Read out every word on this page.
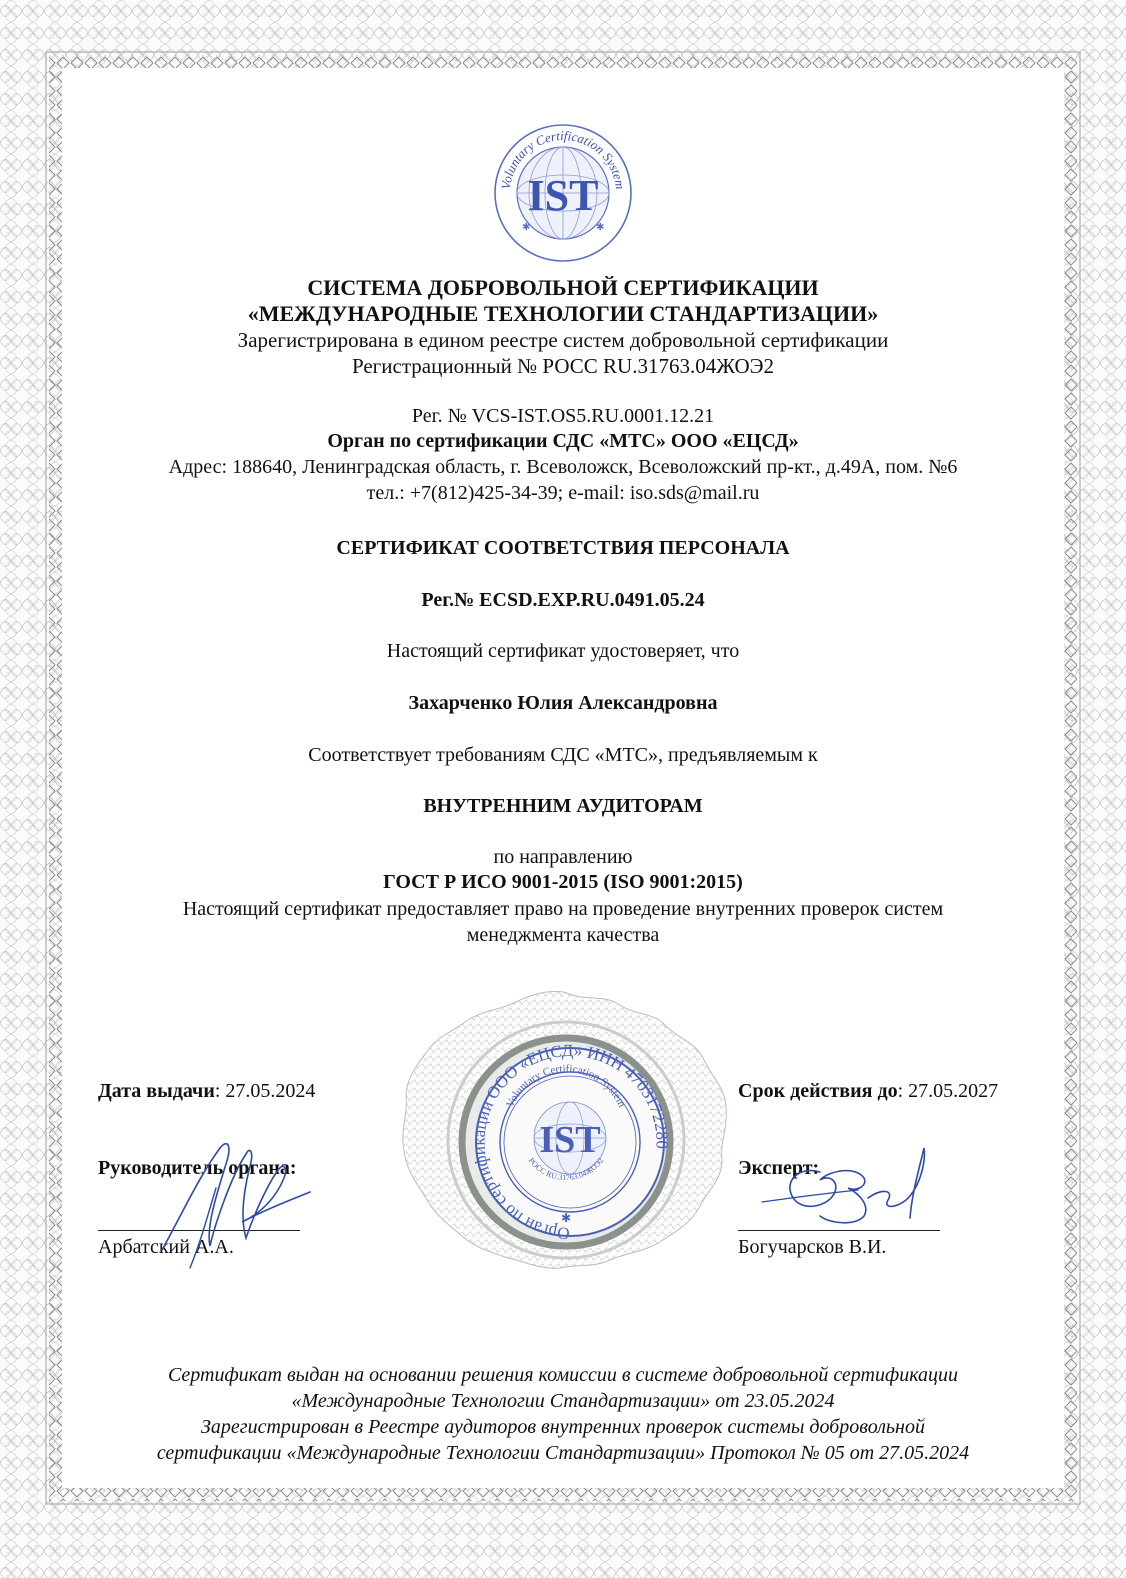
Voluntary Certification System
IST
✱	✱
СИСТЕМА ДОБРОВОЛЬНОЙ СЕРТИФИКАЦИИ
«МЕЖДУНАРОДНЫЕ ТЕХНОЛОГИИ СТАНДАРТИЗАЦИИ»
Зарегистрирована в едином реестре систем добровольной сертификации
Регистрационный № РОСС RU.31763.04ЖОЭ2
Рег. № VCS-IST.OS5.RU.0001.12.21
Орган по сертификации СДС «МТС» ООО «ЕЦСД»
Адрес: 188640, Ленинградская область, г. Всеволожск, Всеволожский пр-кт., д.49А, пом. №6
тел.: +7(812)425-34-39; e-mail: iso.sds@mail.ru
СЕРТИФИКАТ СООТВЕТСТВИЯ ПЕРСОНАЛА
Рег.№ ECSD.EXP.RU.0491.05.24
Настоящий сертификат удостоверяет, что
Захарченко Юлия Александровна
Соответствует требованиям СДС «МТС», предъявляемым к
ВНУТРЕННИМ АУДИТОРАМ
по направлению
ГОСТ Р ИСО 9001-2015 (ISO 9001:2015)
Настоящий сертификат предоставляет право на проведение внутренних проверок систем
менеджмента качества
Орган по сертификации ООО «ЕЦСД» ИНН 4703172280
Voluntary Certification System
РОСС RU.31763.04ЖОЭ2
IST
✱
Дата выдачи: 27.05.2024	Срок действия до: 27.05.2027
Руководитель органа:
Арбатский А.А.
Эксперт:
Богучарсков В.И.
Сертификат выдан на основании решения комиссии в системе добровольной сертификации
«Международные Технологии Стандартизации» от 23.05.2024
Зарегистрирован в Реестре аудиторов внутренних проверок системы добровольной
сертификации «Международные Технологии Стандартизации» Протокол № 05 от 27.05.2024
